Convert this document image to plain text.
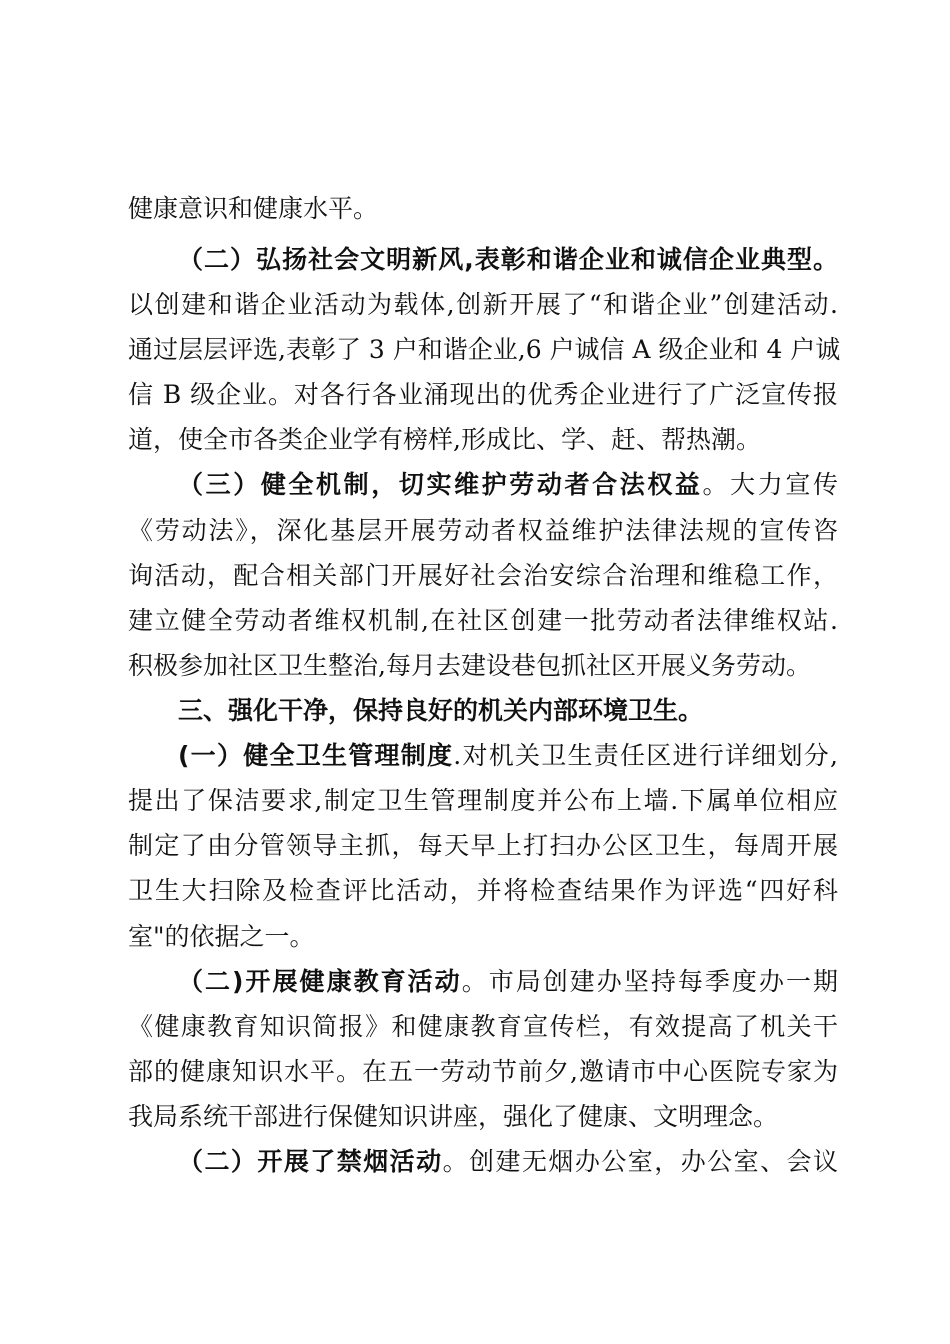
健康意识和健康水平。
（二）弘扬社会文明新风,表彰和谐企业和诚信企业典型。
以创建和谐企业活动为载体,创新开展了“和谐企业”创建活动.
通过层层评选,表彰了 3 户和谐企业,6 户诚信 A 级企业和 4 户诚
信 B 级企业。对各行各业涌现出的优秀企业进行了广泛宣传报
道，使全市各类企业学有榜样,形成比、学、赶、帮热潮。
（三）健全机制，切实维护劳动者合法权益。大力宣传
《劳动法》，深化基层开展劳动者权益维护法律法规的宣传咨
询活动，配合相关部门开展好社会治安综合治理和维稳工作，
建立健全劳动者维权机制,在社区创建一批劳动者法律维权站.
积极参加社区卫生整治,每月去建设巷包抓社区开展义务劳动。
三、强化干净，保持良好的机关内部环境卫生。
(一）健全卫生管理制度.对机关卫生责任区进行详细划分,
提出了保洁要求,制定卫生管理制度并公布上墙.下属单位相应
制定了由分管领导主抓，每天早上打扫办公区卫生，每周开展
卫生大扫除及检查评比活动，并将检查结果作为评选“四好科
室"的依据之一。
（二)开展健康教育活动。市局创建办坚持每季度办一期
《健康教育知识简报》和健康教育宣传栏，有效提高了机关干
部的健康知识水平。在五一劳动节前夕,邀请市中心医院专家为
我局系统干部进行保健知识讲座，强化了健康、文明理念。
（二）开展了禁烟活动。创建无烟办公室，办公室、会议
